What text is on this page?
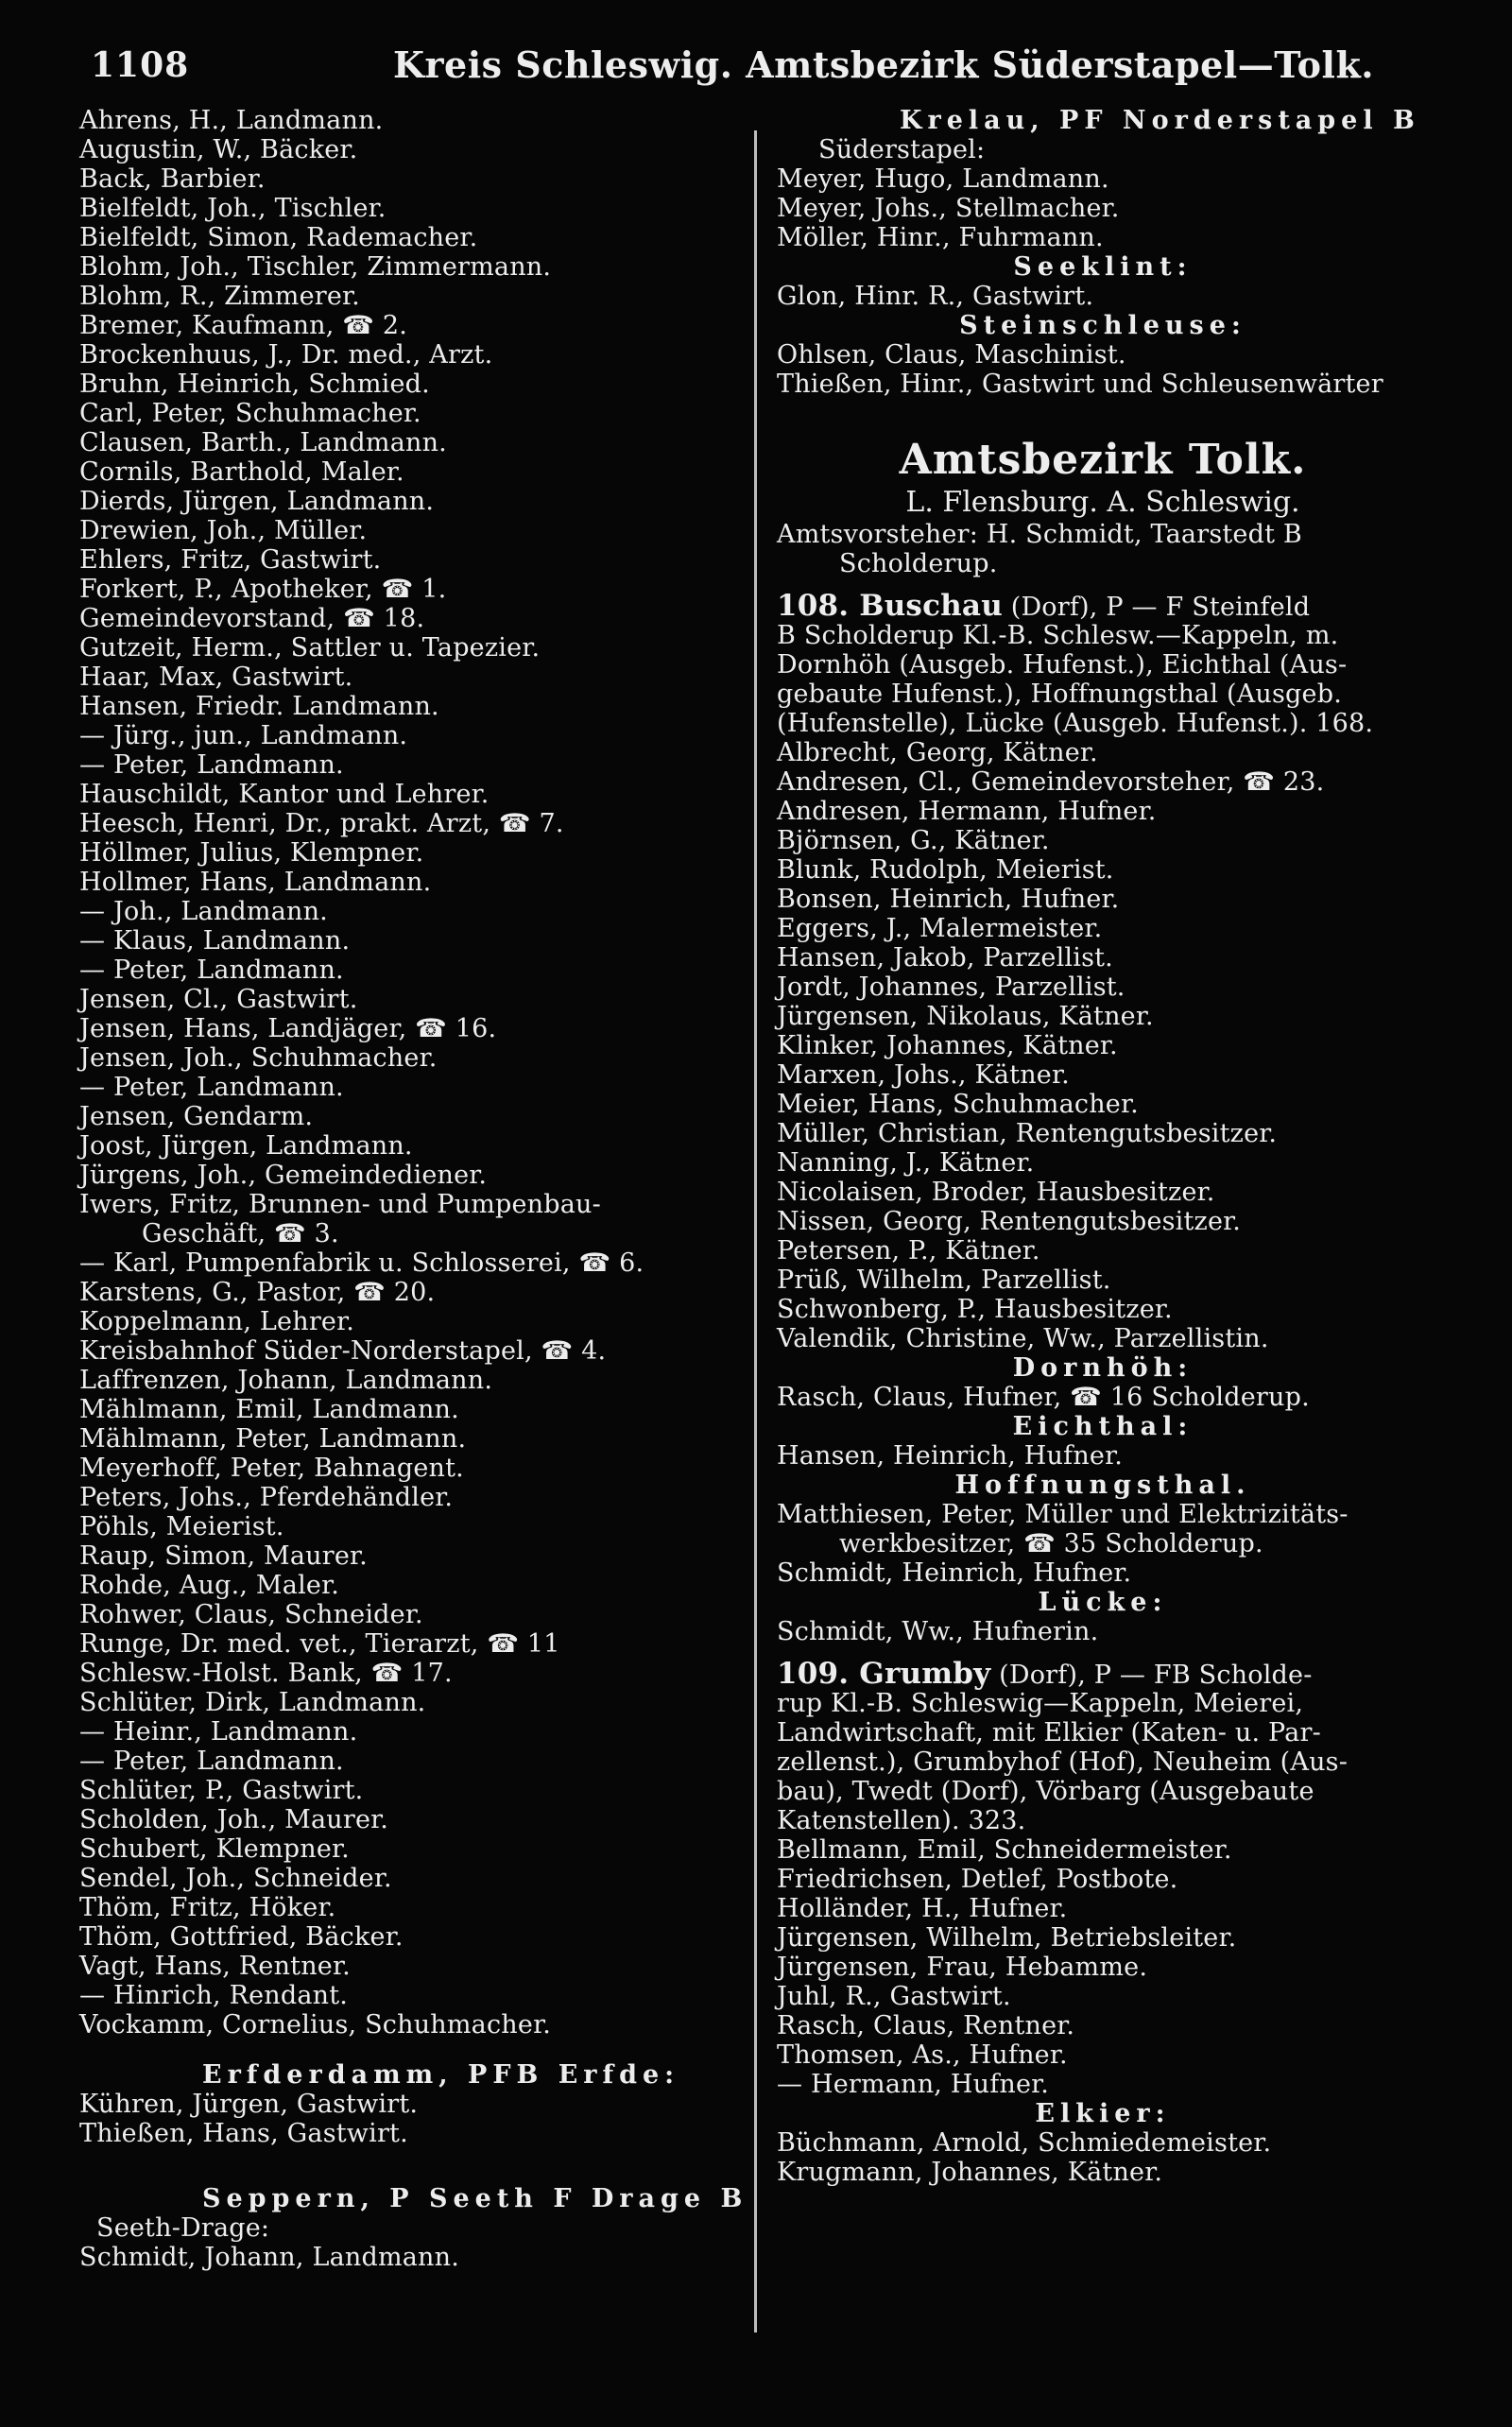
1108	Kreis Schleswig. Amtsbezirk Süderstapel—Tolk.
Ahrens, H., Landmann.
Augustin, W., Bäcker.
Back, Barbier.
Bielfeldt, Joh., Tischler.
Bielfeldt, Simon, Rademacher.
Blohm, Joh., Tischler, Zimmermann.
Blohm, R., Zimmerer.
Bremer, Kaufmann, ☎ 2.
Brockenhuus, J., Dr. med., Arzt.
Bruhn, Heinrich, Schmied.
Carl, Peter, Schuhmacher.
Clausen, Barth., Landmann.
Cornils, Barthold, Maler.
Dierds, Jürgen, Landmann.
Drewien, Joh., Müller.
Ehlers, Fritz, Gastwirt.
Forkert, P., Apotheker, ☎ 1.
Gemeindevorstand, ☎ 18.
Gutzeit, Herm., Sattler u. Tapezier.
Haar, Max, Gastwirt.
Hansen, Friedr. Landmann.
— Jürg., jun., Landmann.
— Peter, Landmann.
Hauschildt, Kantor und Lehrer.
Heesch, Henri, Dr., prakt. Arzt, ☎ 7.
Höllmer, Julius, Klempner.
Hollmer, Hans, Landmann.
— Joh., Landmann.
— Klaus, Landmann.
— Peter, Landmann.
Jensen, Cl., Gastwirt.
Jensen, Hans, Landjäger, ☎ 16.
Jensen, Joh., Schuhmacher.
— Peter, Landmann.
Jensen, Gendarm.
Joost, Jürgen, Landmann.
Jürgens, Joh., Gemeindediener.
Iwers, Fritz, Brunnen- und Pumpenbau-
Geschäft, ☎ 3.
— Karl, Pumpenfabrik u. Schlosserei, ☎ 6.
Karstens, G., Pastor, ☎ 20.
Koppelmann, Lehrer.
Kreisbahnhof Süder-Norderstapel, ☎ 4.
Laffrenzen, Johann, Landmann.
Mählmann, Emil, Landmann.
Mählmann, Peter, Landmann.
Meyerhoff, Peter, Bahnagent.
Peters, Johs., Pferdehändler.
Pöhls, Meierist.
Raup, Simon, Maurer.
Rohde, Aug., Maler.
Rohwer, Claus, Schneider.
Runge, Dr. med. vet., Tierarzt, ☎ 11
Schlesw.-Holst. Bank, ☎ 17.
Schlüter, Dirk, Landmann.
— Heinr., Landmann.
— Peter, Landmann.
Schlüter, P., Gastwirt.
Scholden, Joh., Maurer.
Schubert, Klempner.
Sendel, Joh., Schneider.
Thöm, Fritz, Höker.
Thöm, Gottfried, Bäcker.
Vagt, Hans, Rentner.
— Hinrich, Rendant.
Vockamm, Cornelius, Schuhmacher.
Erfderdamm, PFB Erfde:
Kühren, Jürgen, Gastwirt.
Thießen, Hans, Gastwirt.
Seppern, P Seeth F Drage B
Seeth-Drage:
Schmidt, Johann, Landmann.
Krelau, PF Norderstapel B
Süderstapel:
Meyer, Hugo, Landmann.
Meyer, Johs., Stellmacher.
Möller, Hinr., Fuhrmann.
Seeklint:
Glon, Hinr. R., Gastwirt.
Steinschleuse:
Ohlsen, Claus, Maschinist.
Thießen, Hinr., Gastwirt und Schleusenwärter
Amtsbezirk Tolk.
L. Flensburg. A. Schleswig.
Amtsvorsteher: H. Schmidt, Taarstedt B
Scholderup.
108. Buschau (Dorf), P — F Steinfeld
B Scholderup Kl.-B. Schlesw.—Kappeln, m.
Dornhöh (Ausgeb. Hufenst.), Eichthal (Aus-
gebaute Hufenst.), Hoffnungsthal (Ausgeb.
(Hufenstelle), Lücke (Ausgeb. Hufenst.). 168.
Albrecht, Georg, Kätner.
Andresen, Cl., Gemeindevorsteher, ☎ 23.
Andresen, Hermann, Hufner.
Björnsen, G., Kätner.
Blunk, Rudolph, Meierist.
Bonsen, Heinrich, Hufner.
Eggers, J., Malermeister.
Hansen, Jakob, Parzellist.
Jordt, Johannes, Parzellist.
Jürgensen, Nikolaus, Kätner.
Klinker, Johannes, Kätner.
Marxen, Johs., Kätner.
Meier, Hans, Schuhmacher.
Müller, Christian, Rentengutsbesitzer.
Nanning, J., Kätner.
Nicolaisen, Broder, Hausbesitzer.
Nissen, Georg, Rentengutsbesitzer.
Petersen, P., Kätner.
Prüß, Wilhelm, Parzellist.
Schwonberg, P., Hausbesitzer.
Valendik, Christine, Ww., Parzellistin.
Dornhöh:
Rasch, Claus, Hufner, ☎ 16 Scholderup.
Eichthal:
Hansen, Heinrich, Hufner.
Hoffnungsthal.
Matthiesen, Peter, Müller und Elektrizitäts-
werkbesitzer, ☎ 35 Scholderup.
Schmidt, Heinrich, Hufner.
Lücke:
Schmidt, Ww., Hufnerin.
109. Grumby (Dorf), P — FB Scholde-
rup Kl.-B. Schleswig—Kappeln, Meierei,
Landwirtschaft, mit Elkier (Katen- u. Par-
zellenst.), Grumbyhof (Hof), Neuheim (Aus-
bau), Twedt (Dorf), Vörbarg (Ausgebaute
Katenstellen). 323.
Bellmann, Emil, Schneidermeister.
Friedrichsen, Detlef, Postbote.
Holländer, H., Hufner.
Jürgensen, Wilhelm, Betriebsleiter.
Jürgensen, Frau, Hebamme.
Juhl, R., Gastwirt.
Rasch, Claus, Rentner.
Thomsen, As., Hufner.
— Hermann, Hufner.
Elkier:
Büchmann, Arnold, Schmiedemeister.
Krugmann, Johannes, Kätner.
